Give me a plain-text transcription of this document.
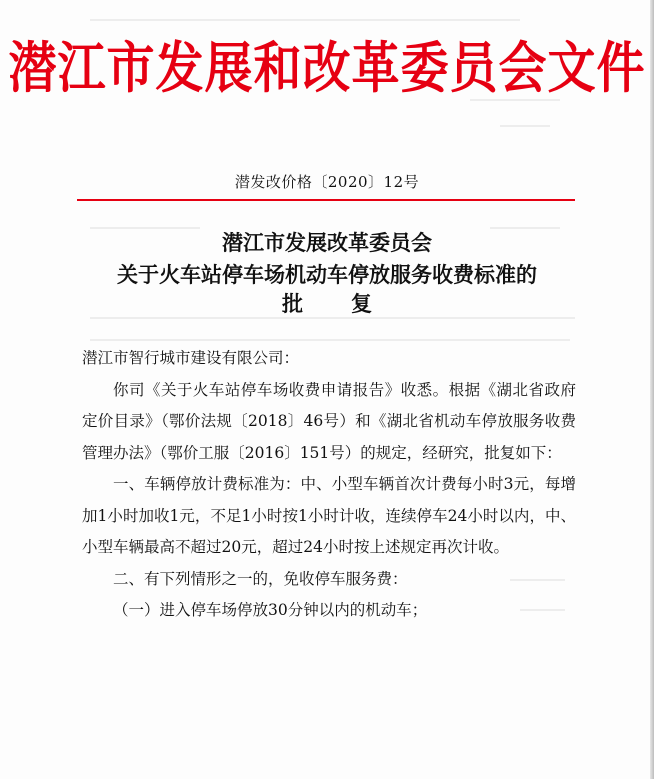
潜江市发展和改革委员会文件
潜发改价格〔2020〕12号
潜江市发展改革委员会
关于火车站停车场机动车停放服务收费标准的
批复

潜江市智行城市建设有限公司：

你司《关于火车站停车场收费申请报告》收悉。根据《湖北省政府定价目录》（鄂价法规〔2018〕46号）和《湖北省机动车停放服务收费管理办法》（鄂价工服〔2016〕151号）的规定，经研究，批复如下：

一、车辆停放计费标准为：中、小型车辆首次计费每小时3元，每增加1小时加收1元，不足1小时按1小时计收，连续停车24小时以内，中、小型车辆最高不超过20元，超过24小时按上述规定再次计收。

二、有下列情形之一的，免收停车服务费：

（一）进入停车场停放30分钟以内的机动车；
